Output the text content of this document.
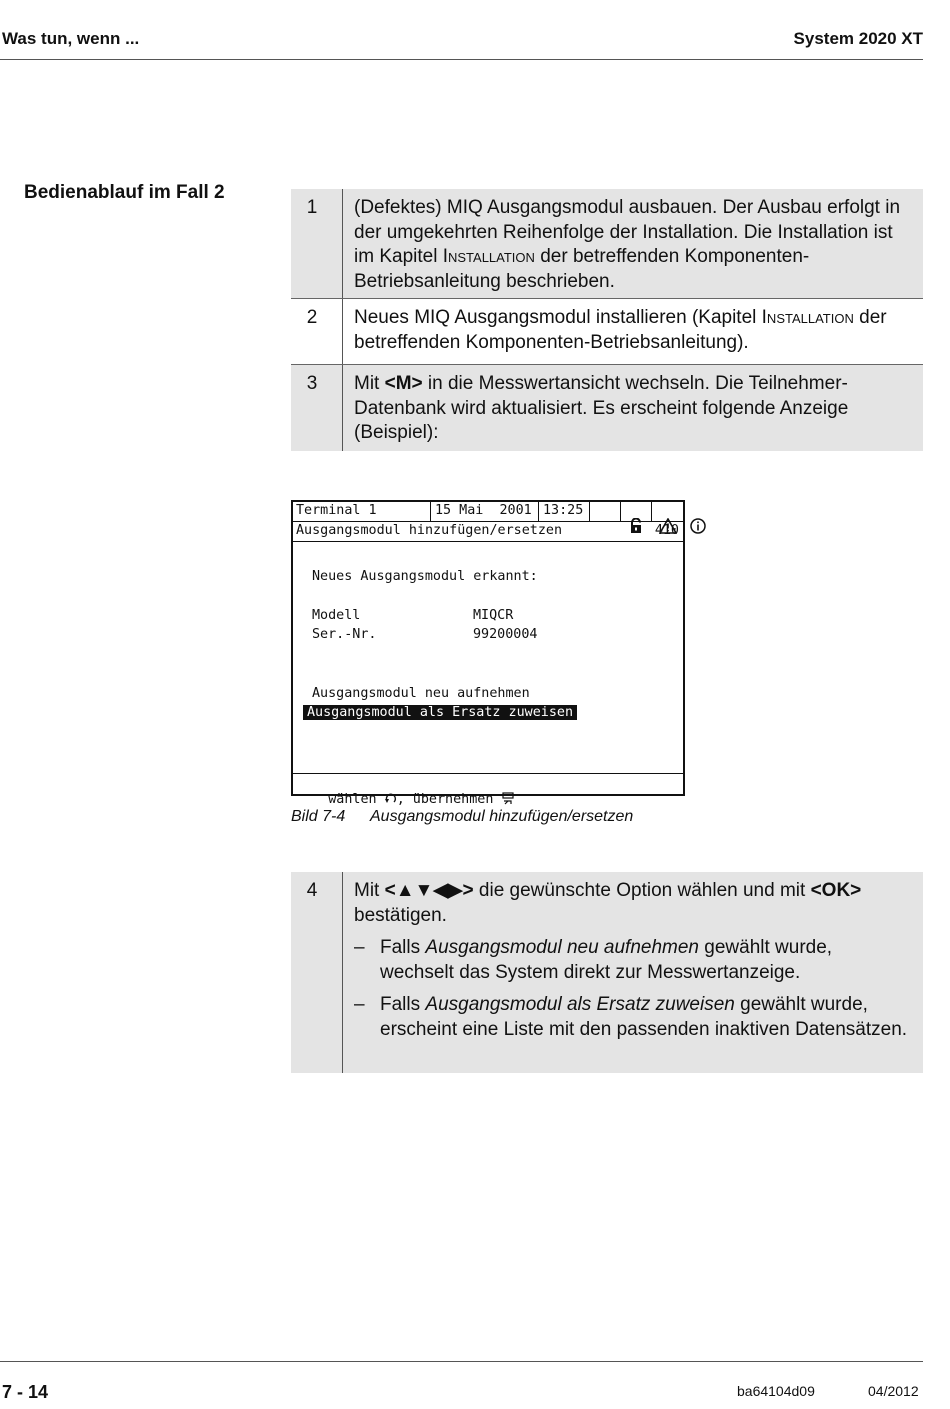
Was tun, wenn ...	System 2020 XT
Bedienablauf im Fall 2
1	(Defektes) MIQ Ausgangsmodul ausbauen. Der Ausbau erfolgt in der umgekehrten Reihenfolge der Installation. Die Installation ist im Kapitel Installation der betreffenden Komponenten-Betriebsanleitung beschrieben.
2	Neues MIQ Ausgangsmodul installieren (Kapitel Installation der betreffenden Komponenten-Betriebsanleitung).
3	Mit <M> in die Messwertansicht wechseln. Die Teilnehmer-Datenbank wird aktualisiert. Es erscheint folgende Anzeige (Beispiel):
Terminal 1	15 Mai  2001 13:25

Ausgangsmodul hinzufügen/ersetzen	410
Neues Ausgangsmodul erkannt:
Modell	MIQCR
Ser.-Nr.	99200004
Ausgangsmodul neu aufnehmen
Ausgangsmodul als Ersatz zuweisen

wählen , übernehmen

Bild 7-4 Ausgangsmodul hinzufügen/ersetzen
4	Mit <▲▼◀▶> die gewünschte Option wählen und mit <OK> bestätigen.
– Falls Ausgangsmodul neu aufnehmen gewählt wurde, wechselt das System direkt zur Messwertanzeige.
– Falls Ausgangsmodul als Ersatz zuweisen gewählt wurde, erscheint eine Liste mit den passenden inaktiven Datensätzen.
7 - 14	ba64104d09	04/2012
